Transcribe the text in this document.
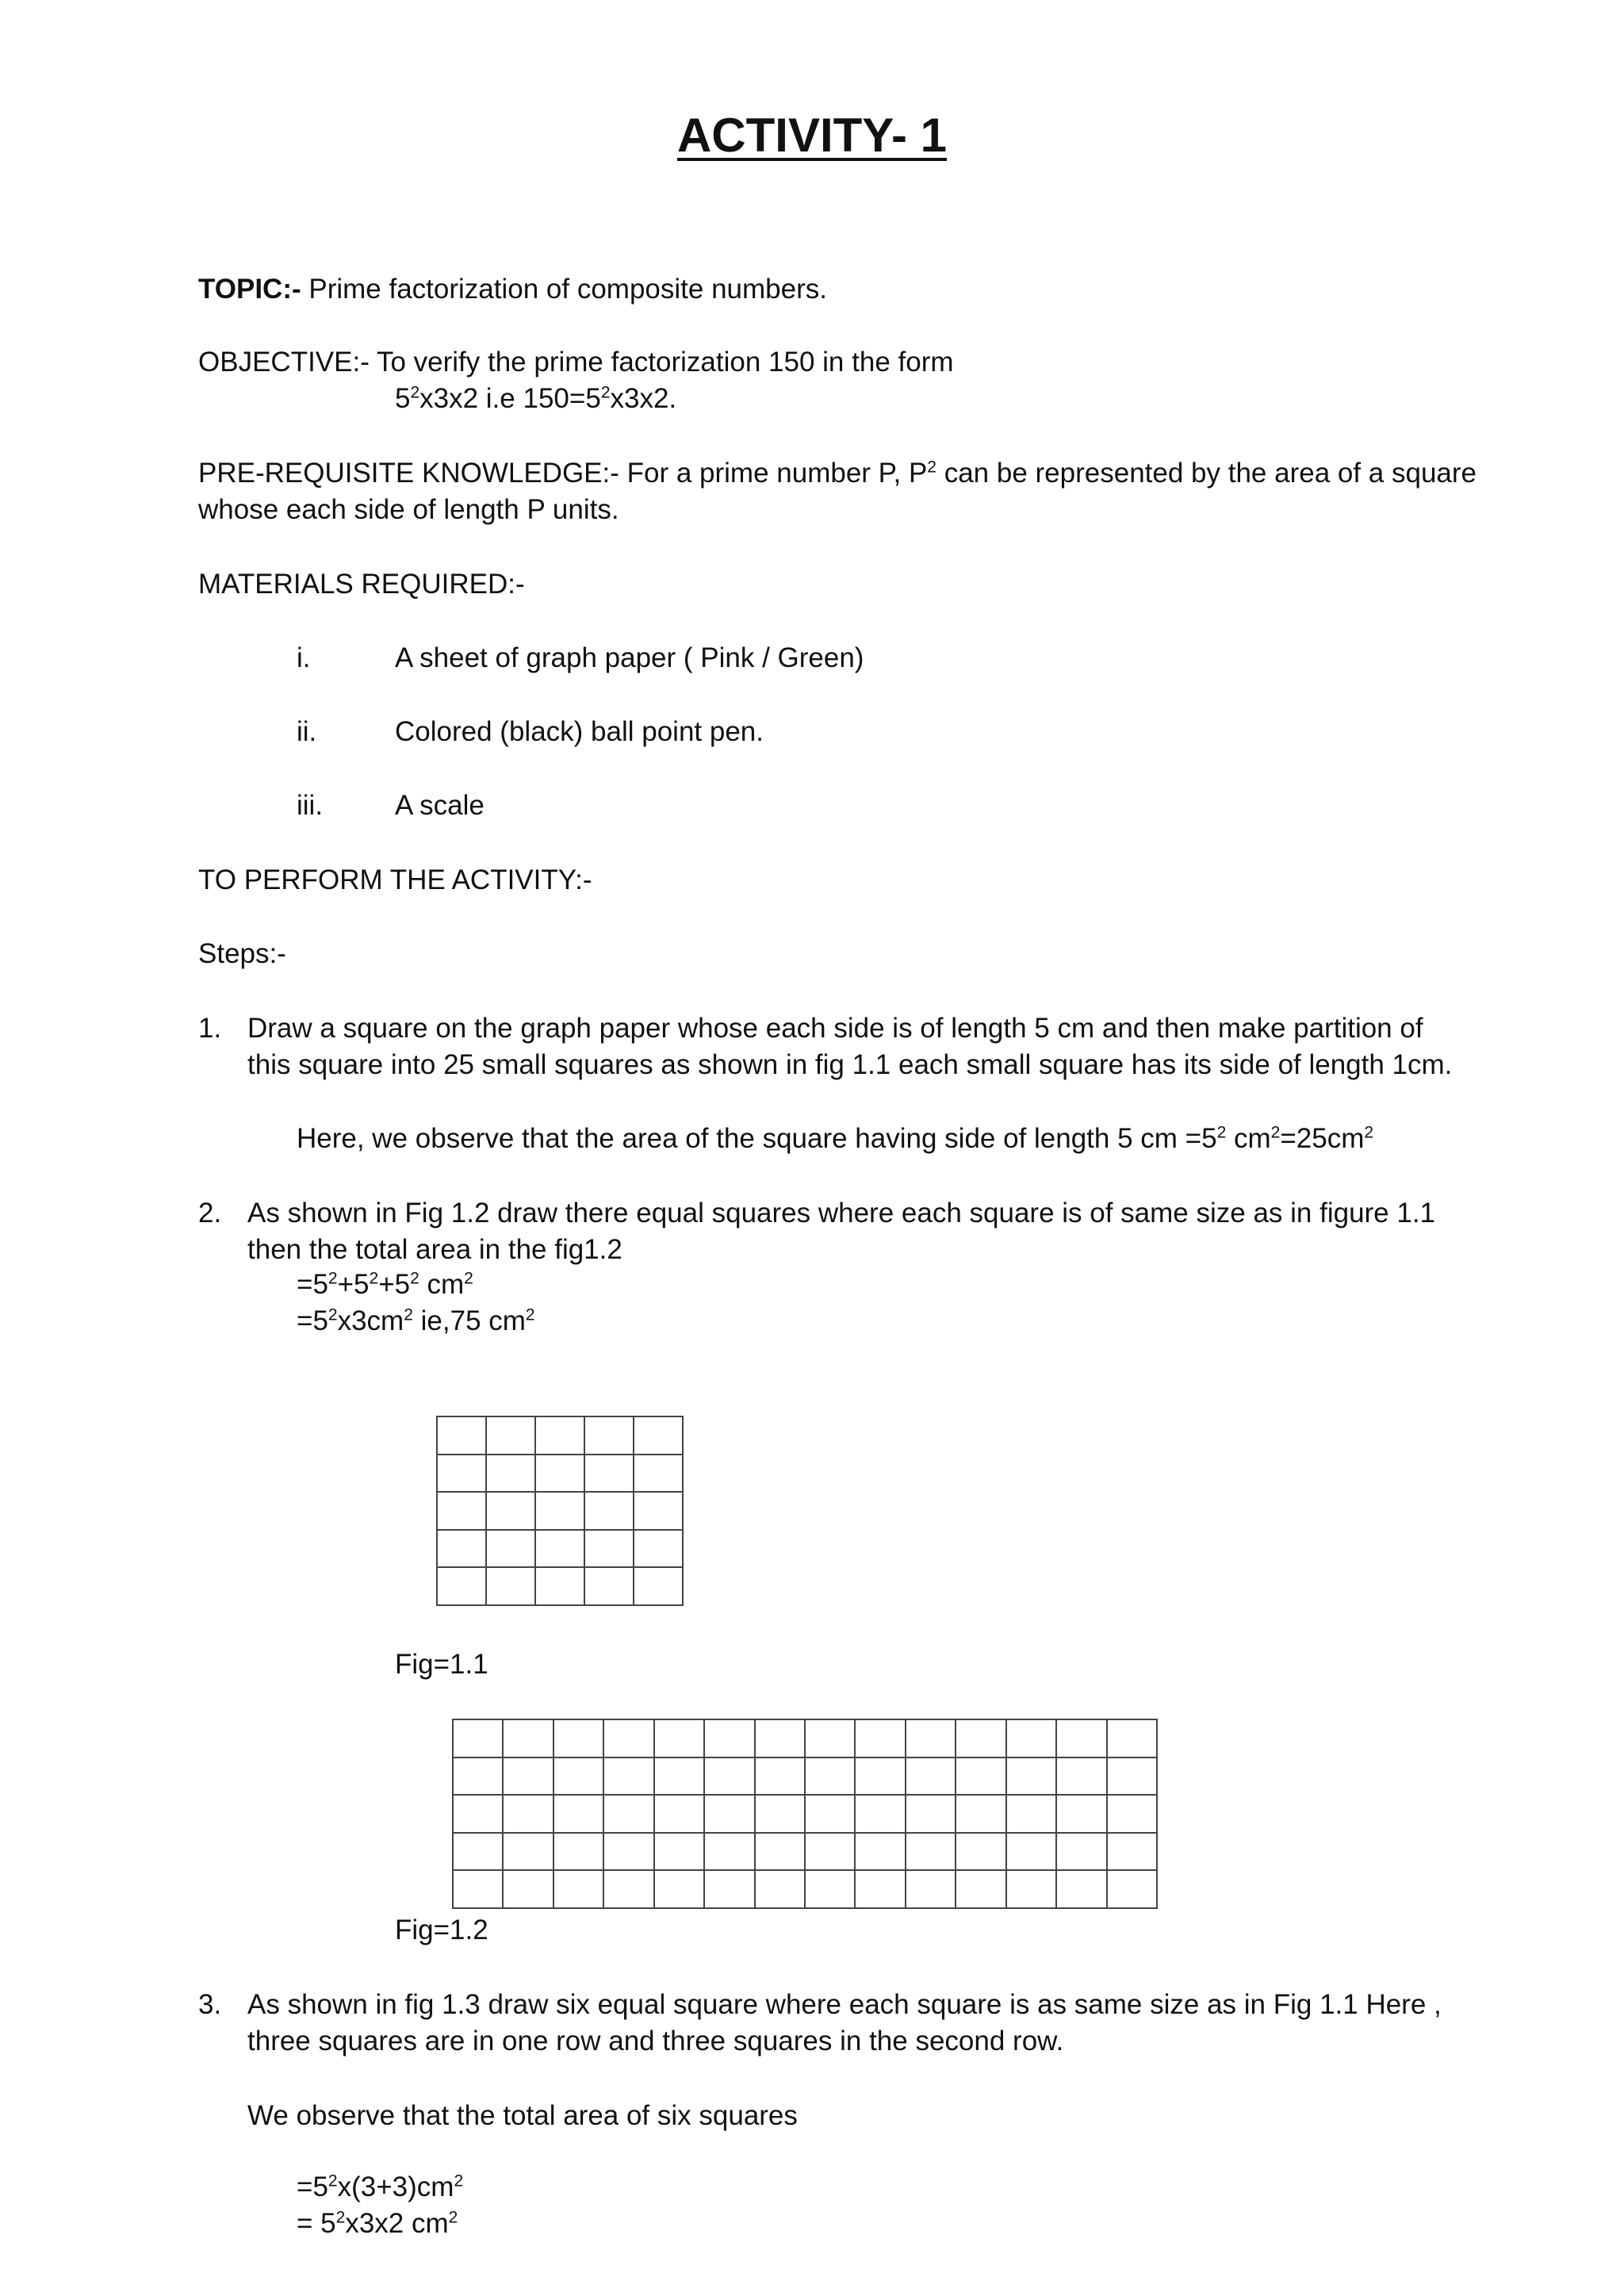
ACTIVITY- 1
TOPIC:- Prime factorization of composite numbers.
OBJECTIVE:- To verify the prime factorization 150 in the form
$5^2x3x2$ i.e $150=5^2x3x2$.
PRE-REQUISITE KNOWLEDGE:- For a prime number P, $P^2$ can be represented by the area of a square
whose each side of length P units.
MATERIALS REQUIRED:-
i.	A sheet of graph paper ( Pink / Green)
ii.	Colored (black) ball point pen.
iii.	A scale
TO PERFORM THE ACTIVITY:-
Steps:-
1. Draw a square on the graph paper whose each side is of length 5 cm and then make partition of
this square into 25 small squares as shown in fig 1.1 each small square has its side of length 1cm.
Here, we observe that the area of the square having side of length 5 cm $=5^2$ $cm^2=25cm^2$
2. As shown in Fig 1.2 draw there equal squares where each square is of same size as in figure 1.1
then the total area in the fig1.2
$=5^2+5^2+5^2$ $cm^2$
$=5^2x3cm^2$ ie,75 $cm^2$
Fig=1.1
Fig=1.2
3. As shown in fig 1.3 draw six equal square where each square is as same size as in Fig 1.1 Here ,
three squares are in one row and three squares in the second row.
We observe that the total area of six squares
$=5^2x(3+3)cm^2$
= $5^2x3x2$ $cm^2$
